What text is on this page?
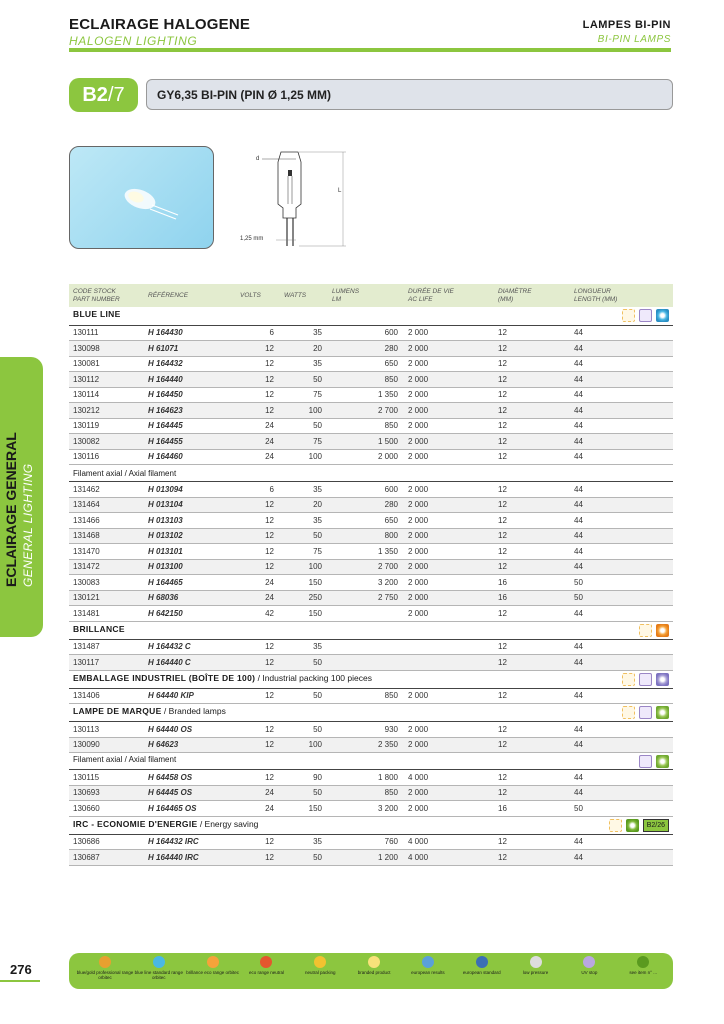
ECLAIRAGE HALOGENE
HALOGEN LIGHTING
LAMPES BI-PIN
BI-PIN LAMPS
B2/7	GY6,35 BI-PIN (PIN Ø 1,25 MM)
d
L
1,25 mm
ECLAIRAGE GENERAL GENERAL LIGHTING
CODE STOCK
PART NUMBER	RÉFÉRENCE	VOLTS	WATTS	LUMENS
LM	DURÉE DE VIE
AC LIFE	DIAMÈTRE
(MM)	LONGUEUR
LENGTH (MM)
BLUE LINE							

130111	H 164430	6	35	600	2 000	12	44
130098	H 61071	12	20	280	2 000	12	44
130081	H 164432	12	35	650	2 000	12	44
130112	H 164440	12	50	850	2 000	12	44
130114	H 164450	12	75	1 350	2 000	12	44
130212	H 164623	12	100	2 700	2 000	12	44
130119	H 164445	24	50	850	2 000	12	44
130082	H 164455	24	75	1 500	2 000	12	44
130116	H 164460	24	100	2 000	2 000	12	44
Filament axial / Axial filament							

131462	H 013094	6	35	600	2 000	12	44
131464	H 013104	12	20	280	2 000	12	44
131466	H 013103	12	35	650	2 000	12	44
131468	H 013102	12	50	800	2 000	12	44
131470	H 013101	12	75	1 350	2 000	12	44
131472	H 013100	12	100	2 700	2 000	12	44
130083	H 164465	24	150	3 200	2 000	16	50
130121	H 68036	24	250	2 750	2 000	16	50
131481	H 642150	42	150		2 000	12	44
BRILLANCE							

131487	H 164432 C	12	35			12	44
130117	H 164440 C	12	50			12	44
EMBALLAGE INDUSTRIEL (BOÎTE DE 100) / Industrial packing 100 pieces							

131406	H 64440 KIP	12	50	850	2 000	12	44
LAMPE DE MARQUE / Branded lamps							

130113	H 64440 OS	12	50	930	2 000	12	44
130090	H 64623	12	100	2 350	2 000	12	44
Filament axial / Axial filament							

130115	H 64458 OS	12	90	1 800	4 000	12	44
130693	H 64445 OS	24	50	850	2 000	12	44
130660	H 164465 OS	24	150	3 200	2 000	16	50
IRC - ECONOMIE D'ENERGIE / Energy saving B2/26							

130686	H 164432 IRC	12	35	760	4 000	12	44
130687	H 164440 IRC	12	50	1 200	4 000	12	44
276	blue/gold professional range orbitec
blue line standard range orbitec
brillance eco range orbitec	eco range neutral	neutral packing	branded product	european results	european standard	low pressure	UV stop	see item n° ...
